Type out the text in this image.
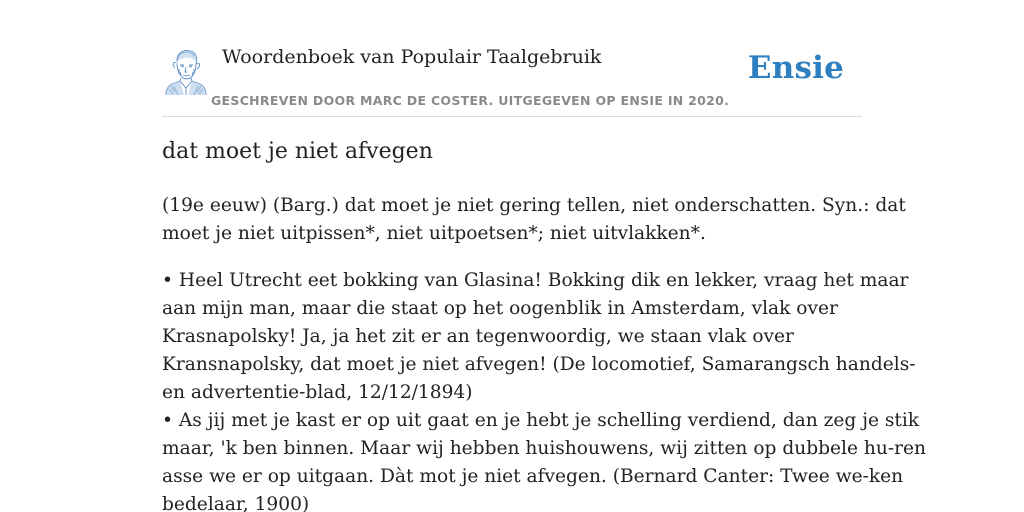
Woordenboek van Populair Taalgebruik
GESCHREVEN DOOR MARC DE COSTER. UITGEGEVEN OP ENSIE IN 2020.
Ensie
dat moet je niet afvegen

(19e eeuw) (Barg.) dat moet je niet gering tellen, niet onderschatten. Syn.: dat

moet je niet uitpissen*, niet uitpoetsen*; niet uitvlakken*.

• Heel Utrecht eet bokking van Glasina! Bokking dik en lekker, vraag het maar

aan mijn man, maar die staat op het oogenblik in Amsterdam, vlak over

Krasnapolsky! Ja, ja het zit er an tegenwoordig, we staan vlak over

Kransnapolsky, dat moet je niet afvegen! (De locomotief, Samarangsch handels-

en advertentie-blad, 12/12/1894)

• As jij met je kast er op uit gaat en je hebt je schelling verdiend, dan zeg je stik

maar, 'k ben binnen. Maar wij hebben huishouwens, wij zitten op dubbele hu-ren

asse we er op uitgaan. Dàt mot je niet afvegen. (Bernard Canter: Twee we-ken

bedelaar, 1900)
